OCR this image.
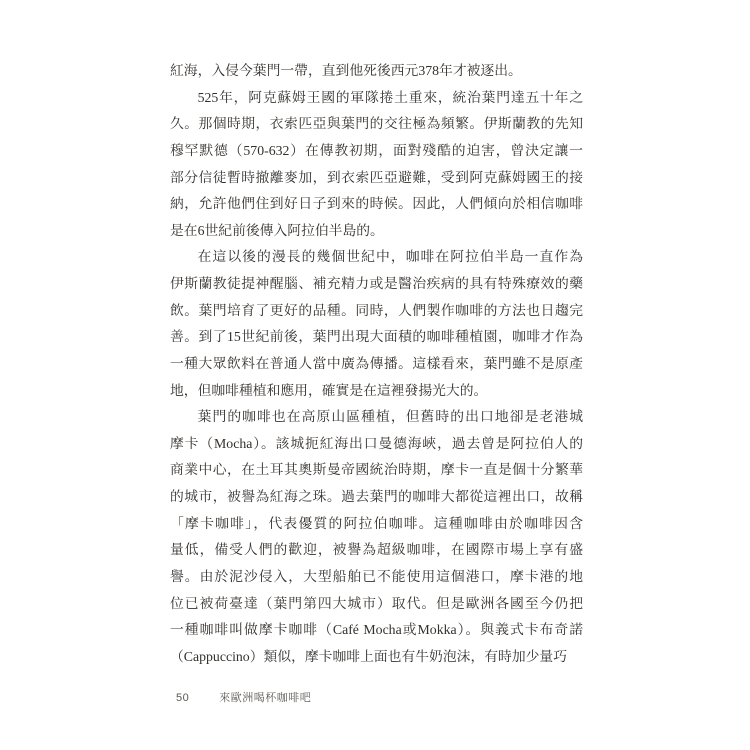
紅海，入侵今葉門一帶，直到他死後西元378年才被逐出。
525年，阿克蘇姆王國的軍隊捲土重來，統治葉門達五十年之
久。那個時期，衣索匹亞與葉門的交往極為頻繁。伊斯蘭教的先知
穆罕默德（570-632）在傳教初期，面對殘酷的迫害，曾決定讓一
部分信徒暫時撤離麥加，到衣索匹亞避難，受到阿克蘇姆國王的接
納，允許他們住到好日子到來的時候。因此，人們傾向於相信咖啡
是在6世紀前後傳入阿拉伯半島的。
在這以後的漫長的幾個世紀中，咖啡在阿拉伯半島一直作為
伊斯蘭教徒提神醒腦、補充精力或是醫治疾病的具有特殊療效的藥
飲。葉門培育了更好的品種。同時，人們製作咖啡的方法也日趨完
善。到了15世紀前後，葉門出現大面積的咖啡種植園，咖啡才作為
一種大眾飲料在普通人當中廣為傳播。這樣看來，葉門雖不是原產
地，但咖啡種植和應用，確實是在這裡發揚光大的。
葉門的咖啡也在高原山區種植，但舊時的出口地卻是老港城
摩卡（Mocha）。該城扼紅海出口曼德海峽，過去曾是阿拉伯人的
商業中心，在土耳其奧斯曼帝國統治時期，摩卡一直是個十分繁華
的城市，被譽為紅海之珠。過去葉門的咖啡大都從這裡出口，故稱
「摩卡咖啡」，代表優質的阿拉伯咖啡。這種咖啡由於咖啡因含
量低，備受人們的歡迎，被譽為超級咖啡，在國際市場上享有盛
譽。由於泥沙侵入，大型船舶已不能使用這個港口，摩卡港的地
位已被荷臺達（葉門第四大城市）取代。但是歐洲各國至今仍把
一種咖啡叫做摩卡咖啡（Café Mocha或Mokka）。與義式卡布奇諾
（Cappuccino）類似，摩卡咖啡上面也有牛奶泡沫，有時加少量巧
50	來歐洲喝杯咖啡吧
